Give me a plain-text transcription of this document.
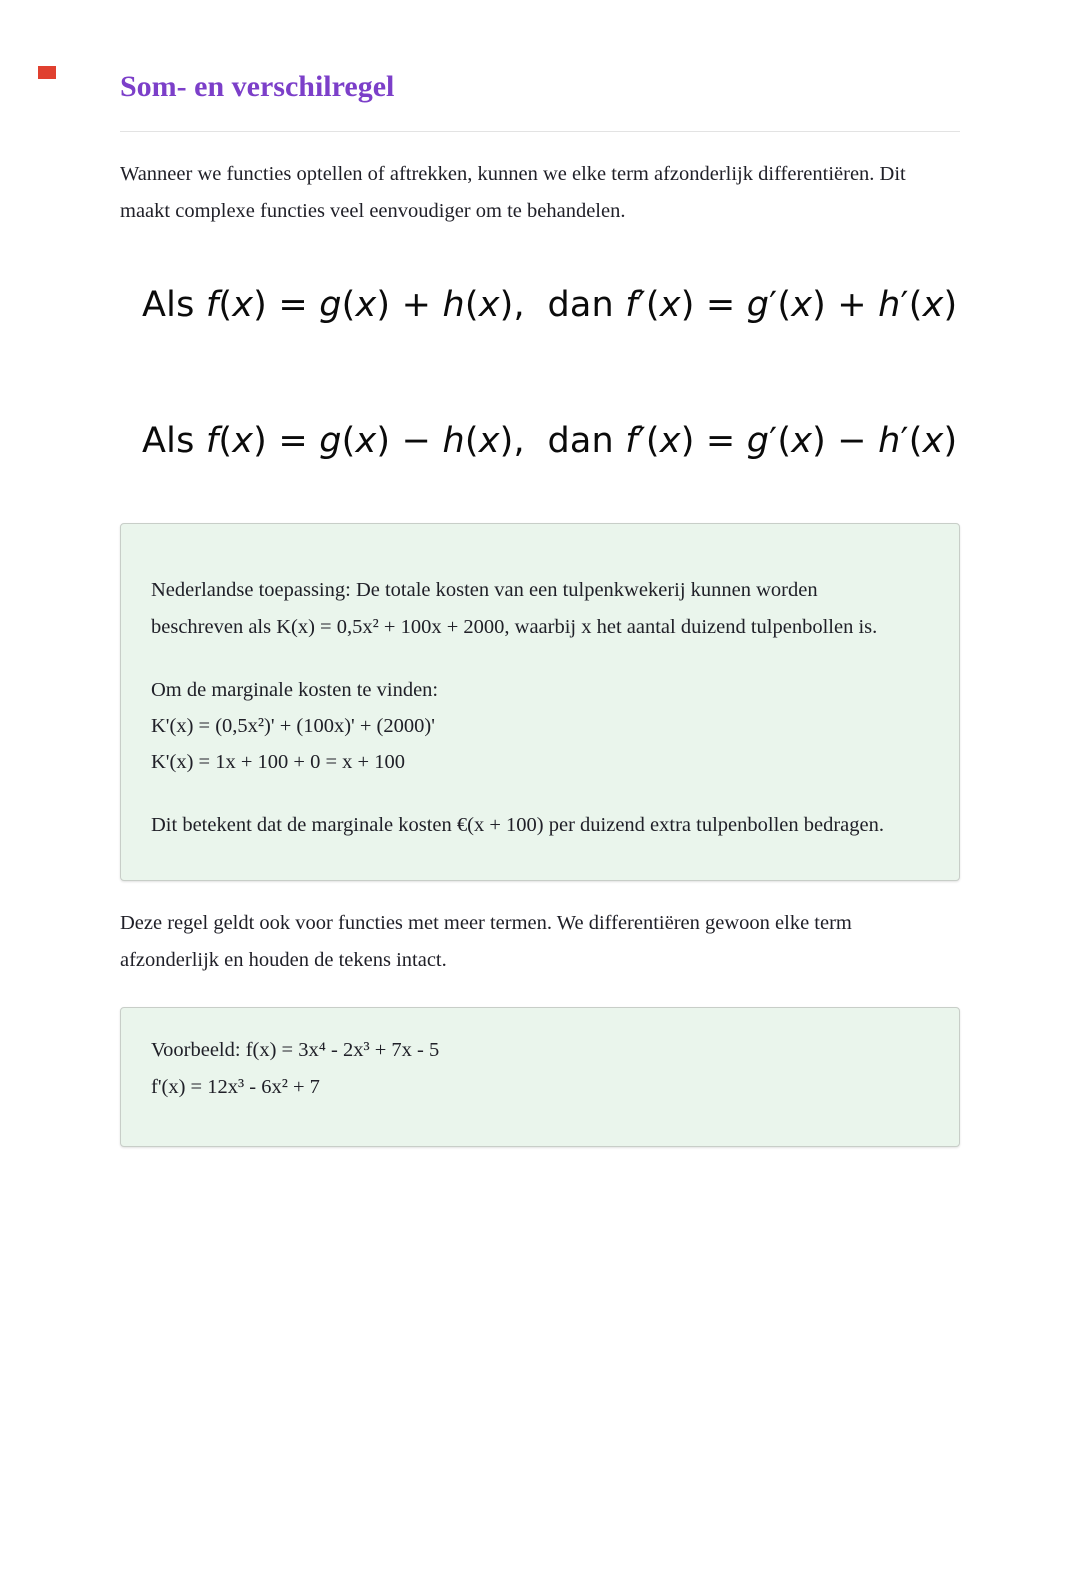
Som- en verschilregel

Wanneer we functies optellen of aftrekken, kunnen we elke term afzonderlijk differentiëren. Dit
maakt complexe functies veel eenvoudiger om te behandelen.

Als f(x) = g(x) + h(x),  dan f′(x) = g′(x) + h′(x)
Als f(x) = g(x) − h(x),  dan f′(x) = g′(x) − h′(x)
Nederlandse toepassing: De totale kosten van een tulpenkwekerij kunnen worden
beschreven als K(x) = 0,5x² + 100x + 2000, waarbij x het aantal duizend tulpenbollen is.
Om de marginale kosten te vinden:
K'(x) = (0,5x²)' + (100x)' + (2000)'
K'(x) = 1x + 100 + 0 = x + 100
Dit betekent dat de marginale kosten €(x + 100) per duizend extra tulpenbollen bedragen.

Deze regel geldt ook voor functies met meer termen. We differentiëren gewoon elke term
afzonderlijk en houden de tekens intact.

Voorbeeld: f(x) = 3x⁴ - 2x³ + 7x - 5
f'(x) = 12x³ - 6x² + 7
